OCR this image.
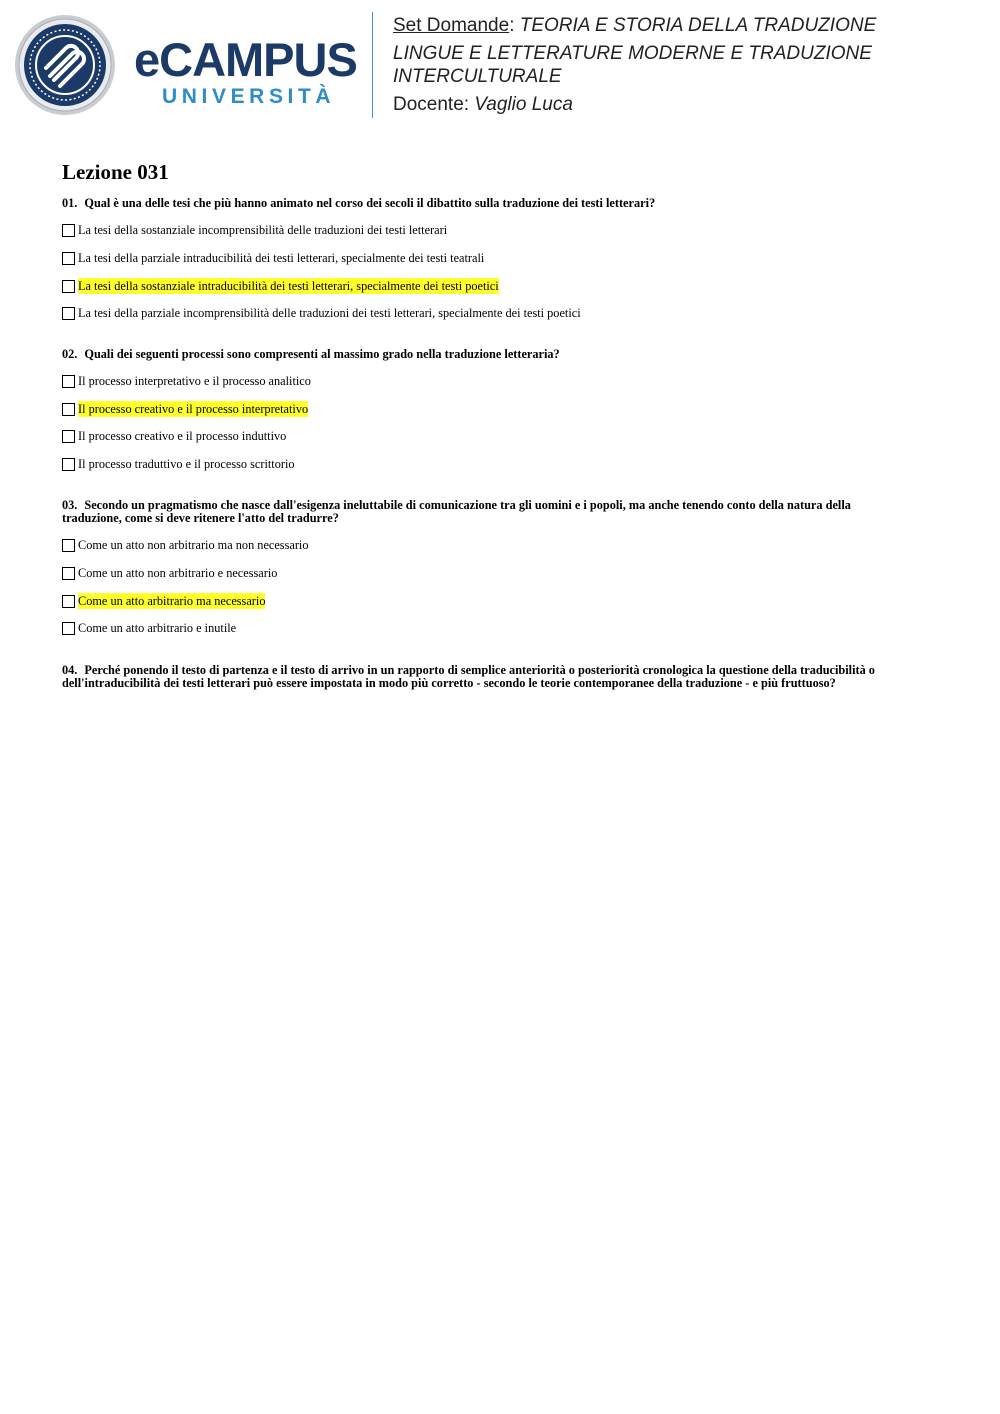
eCAMPUS
UNIVERSITÀ
Set Domande: TEORIA E STORIA DELLA TRADUZIONE
LINGUE E LETTERATURE MODERNE E TRADUZIONE
INTERCULTURALE
Docente: Vaglio Luca
Lezione 031
01. Qual è una delle tesi che più hanno animato nel corso dei secoli il dibattito sulla traduzione dei testi letterari?
La tesi della sostanziale incomprensibilità delle traduzioni dei testi letterari
La tesi della parziale intraducibilità dei testi letterari, specialmente dei testi teatrali
La tesi della sostanziale intraducibilità dei testi letterari, specialmente dei testi poetici
La tesi della parziale incomprensibilità delle traduzioni dei testi letterari, specialmente dei testi poetici
02. Quali dei seguenti processi sono compresenti al massimo grado nella traduzione letteraria?
Il processo interpretativo e il processo analitico
Il processo creativo e il processo interpretativo
Il processo creativo e il processo induttivo
Il processo traduttivo e il processo scrittorio
03. Secondo un pragmatismo che nasce dall'esigenza ineluttabile di comunicazione tra gli uomini e i popoli, ma anche tenendo conto della natura della
traduzione, come si deve ritenere l'atto del tradurre?
Come un atto non arbitrario ma non necessario
Come un atto non arbitrario e necessario
Come un atto arbitrario ma necessario
Come un atto arbitrario e inutile
04. Perché ponendo il testo di partenza e il testo di arrivo in un rapporto di semplice anteriorità o posteriorità cronologica la questione della traducibilità o
dell'intraducibilità dei testi letterari può essere impostata in modo più corretto - secondo le teorie contemporanee della traduzione - e più fruttuoso?
